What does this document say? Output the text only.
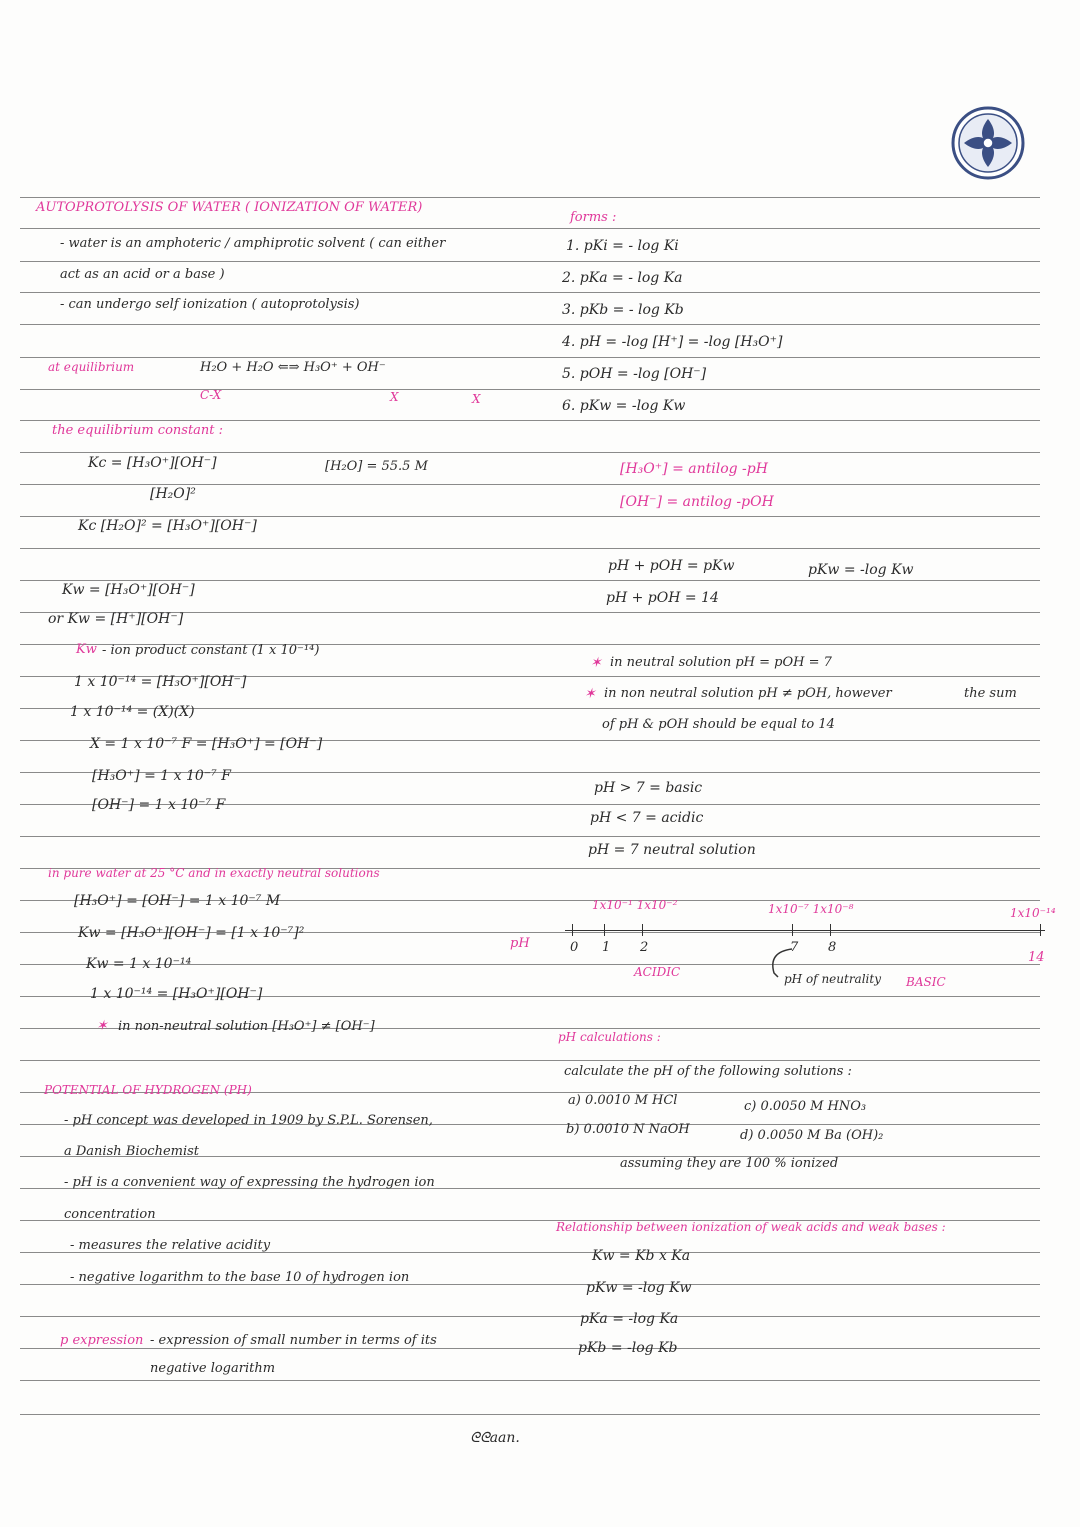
AUTOPROTOLYSIS OF WATER ( IONIZATION OF WATER)
- water is an amphoteric / amphiprotic solvent ( can either
act as an acid or a base )
- can undergo self ionization ( autoprotolysis)
at equilibrium	H₂O + H₂O ⇐⇒ H₃O⁺ + OH⁻
C-X	X	X
the equilibrium constant :
Kc = [H₃O⁺][OH⁻]	[H₂O] = 55.5 M
[H₂O]²
Kc [H₂O]² = [H₃O⁺][OH⁻]
Kw = [H₃O⁺][OH⁻]
or Kw = [H⁺][OH⁻]
Kw - ion product constant (1 x 10⁻¹⁴)
1 x 10⁻¹⁴ = [H₃O⁺][OH⁻]
1 x 10⁻¹⁴ = (X)(X)
X = 1 x 10⁻⁷ F = [H₃O⁺] = [OH⁻]
[H₃O⁺] = 1 x 10⁻⁷ F
[OH⁻] = 1 x 10⁻⁷ F
in pure water at 25 °C and in exactly neutral solutions
[H₃O⁺] = [OH⁻] = 1 x 10⁻⁷ M
Kw = [H₃O⁺][OH⁻] = [1 x 10⁻⁷]²
Kw = 1 x 10⁻¹⁴
1 x 10⁻¹⁴ = [H₃O⁺][OH⁻]
✶ in non-neutral solution [H₃O⁺] ≠ [OH⁻]
POTENTIAL OF HYDROGEN (PH)
- pH concept was developed in 1909 by S.P.L. Sorensen,
a Danish Biochemist
- pH is a convenient way of expressing the hydrogen ion
concentration
- measures the relative acidity
- negative logarithm to the base 10 of hydrogen ion
p expression - expression of small number in terms of its
negative logarithm
forms :
1. pKi = - log Ki
2. pKa = - log Ka
3. pKb = - log Kb
4. pH = -log [H⁺] = -log [H₃O⁺]
5. pOH = -log [OH⁻]
6. pKw = -log Kw
[H₃O⁺] = antilog -pH
[OH⁻] = antilog -pOH
pH + pOH = pKw	pKw = -log Kw
pH + pOH = 14
✶ in neutral solution pH = pOH = 7
✶ in non neutral solution pH ≠ pOH, however	the sum
of pH & pOH should be equal to 14
pH > 7 = basic
pH < 7 = acidic
pH = 7 neutral solution
1x10⁻¹ 1x10⁻²	1x10⁻⁷ 1x10⁻⁸	1x10⁻¹⁴
pH	0 1 2	7 8
14
ACIDIC	pH of neutrality BASIC
pH calculations :
calculate the pH of the following solutions :
a) 0.0010 M HCl	c) 0.0050 M HNO₃
b) 0.0010 N NaOH	d) 0.0050 M Ba (OH)₂
assuming they are 100 % ionized
Relationship between ionization of weak acids and weak bases :
Kw = Kb x Ka
pKw = -log Kw
pKa = -log Ka
pKb = -log Kb
ᘓᘓaan.
